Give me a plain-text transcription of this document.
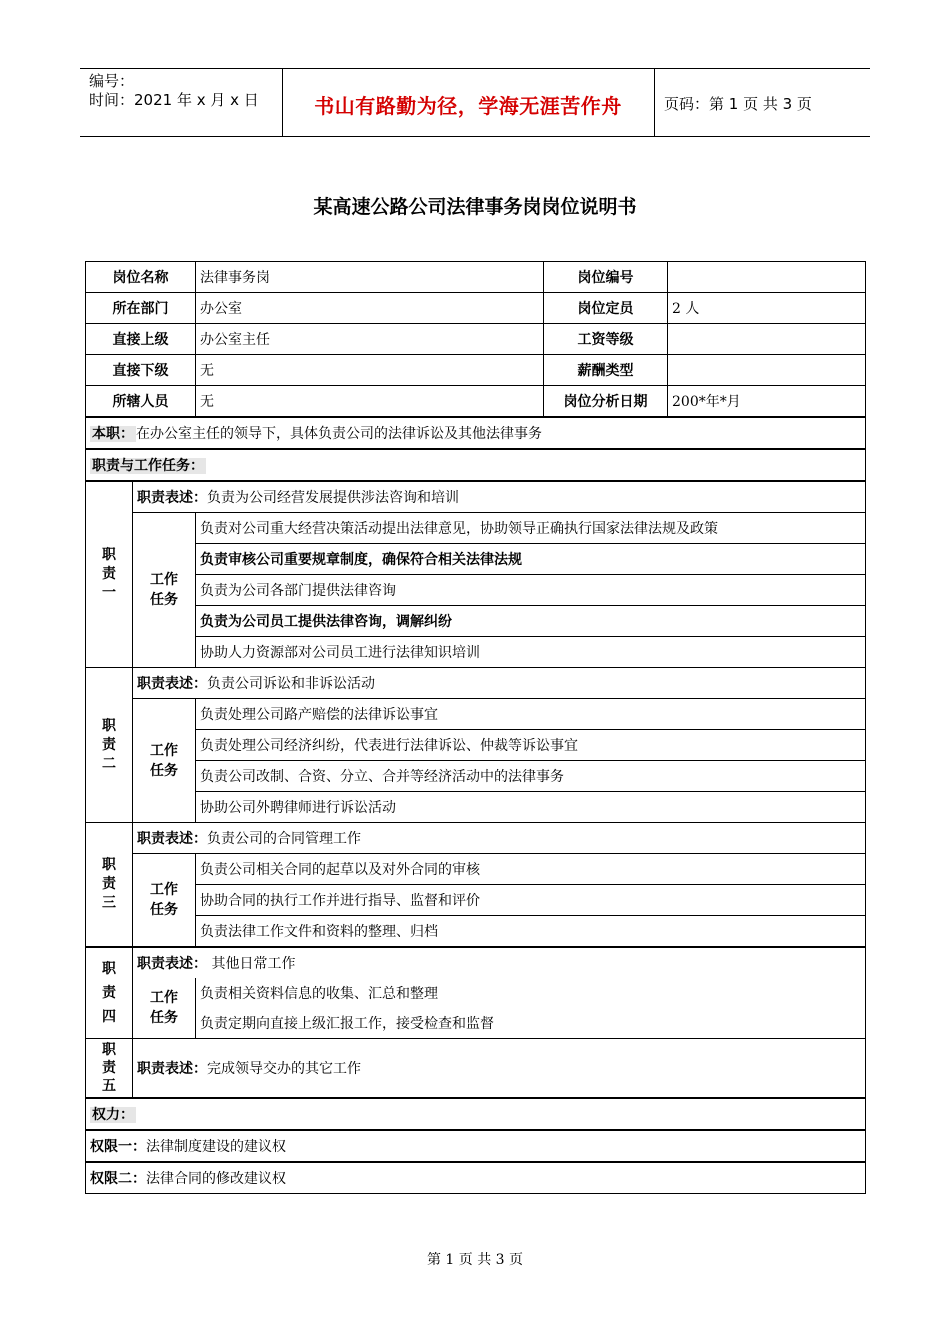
编号：
时间：2021 年 x 月 x 日	书山有路勤为径，学海无涯苦作舟	页码：第 1 页 共 3 页
某高速公路公司法律事务岗岗位说明书
岗位名称		法律事务岗	岗位编号	
所在部门		办公室	岗位定员	2 人
直接上级		办公室主任	工资等级	
直接下级		无	薪酬类型	
所辖人员		无	岗位分析日期	200*年*月
本职： 在办公室主任的领导下，具体负责公司的法律诉讼及其他法律事务				
职责与工作任务：				
职
责
一	职责表述：负责为公司经营发展提供涉法咨询和培训			
	工作
任务	负责对公司重大经营决策活动提出法律意见，协助领导正确执行国家法律法规及政策		
		负责审核公司重要规章制度，确保符合相关法律法规		
		负责为公司各部门提供法律咨询		
		负责为公司员工提供法律咨询，调解纠纷		
		协助人力资源部对公司员工进行法律知识培训		
职
责
二	职责表述：负责公司诉讼和非诉讼活动			
	工作
任务	负责处理公司路产赔偿的法律诉讼事宜		
		负责处理公司经济纠纷，代表进行法律诉讼、仲裁等诉讼事宜		
		负责公司改制、合资、分立、合并等经济活动中的法律事务		
		协助公司外聘律师进行诉讼活动		
职
责
三	职责表述：负责公司的合同管理工作			
	工作
任务	负责公司相关合同的起草以及对外合同的审核		
		协助合同的执行工作并进行指导、监督和评价		
		负责法律工作文件和资料的整理、归档		
职
责
四	职责表述： 其他日常工作			
	工作
任务	负责相关资料信息的收集、汇总和整理		
		负责定期向直接上级汇报工作，接受检查和监督		
职
责
五	职责表述：完成领导交办的其它工作			
权力：				
权限一：法律制度建设的建议权				
权限二：法律合同的修改建议权				
第 1 页 共 3 页
